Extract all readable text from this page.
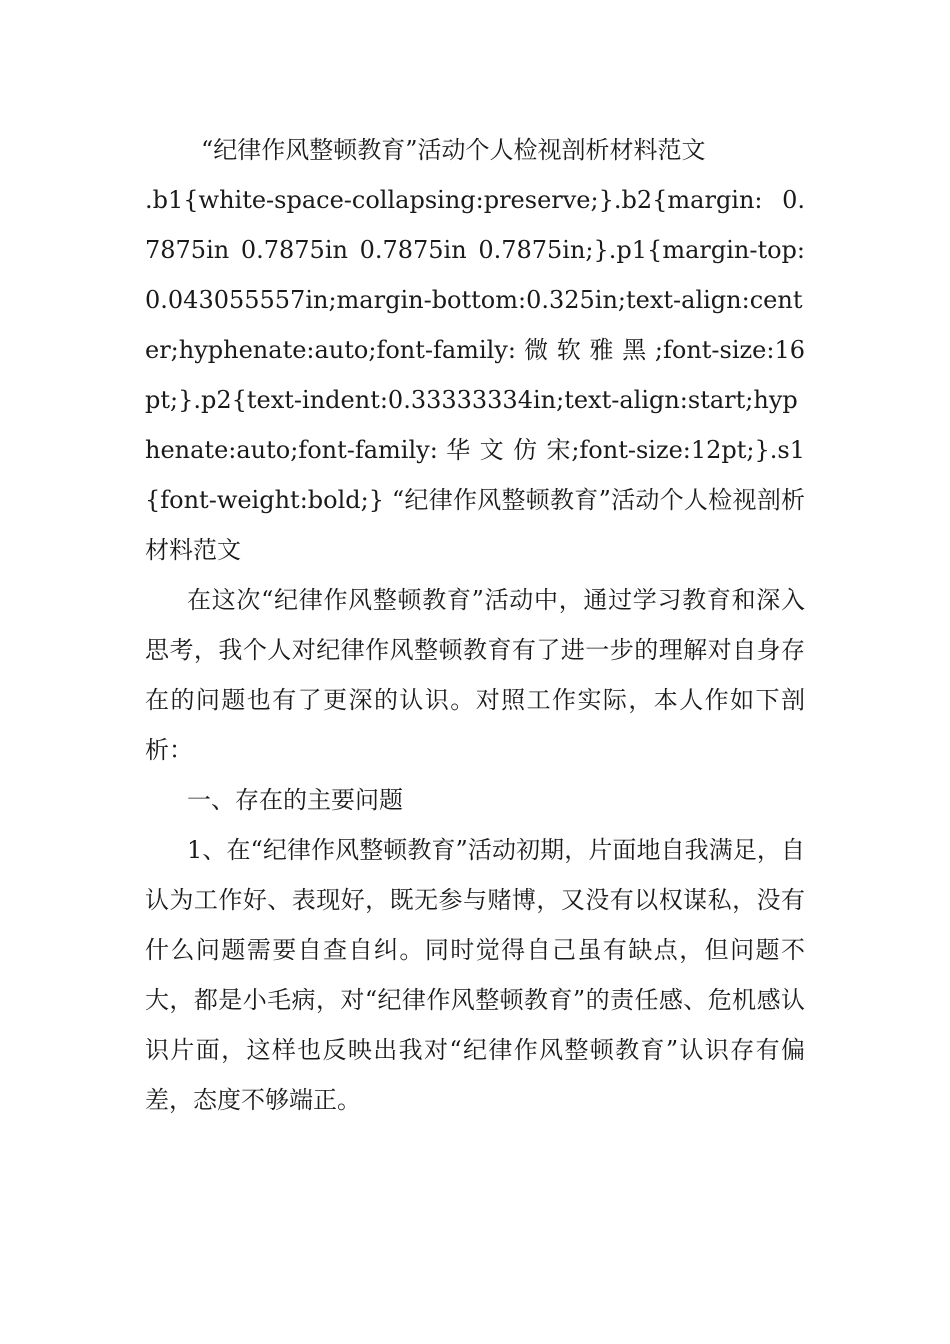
“纪律作风整顿教育”活动个人检视剖析材料范文

.b1{white-space-collapsing:preserve;}.b2{margin: 0.7875in 0.7875in 0.7875in 0.7875in;}.p1{margin-top:0.043055557in;margin-bottom:0.325in;text-align:center;hyphenate:auto;font-family: 微 软 雅 黑 ;font-size:16pt;}.p2{text-indent:0.33333334in;text-align:start;hyphenate:auto;font-family: 华 文 仿 宋;font-size:12pt;}.s1{font-weight:bold;} “纪律作风整顿教育”活动个人检视剖析材料范文

在这次“纪律作风整顿教育”活动中，通过学习教育和深入思考，我个人对纪律作风整顿教育有了进一步的理解对自身存在的问题也有了更深的认识。对照工作实际，本人作如下剖析：

一、存在的主要问题

1、在“纪律作风整顿教育”活动初期，片面地自我满足，自认为工作好、表现好，既无参与赌博，又没有以权谋私，没有什么问题需要自查自纠。同时觉得自己虽有缺点，但问题不大，都是小毛病，对“纪律作风整顿教育”的责任感、危机感认识片面，这样也反映出我对“纪律作风整顿教育”认识存有偏差，态度不够端正。
